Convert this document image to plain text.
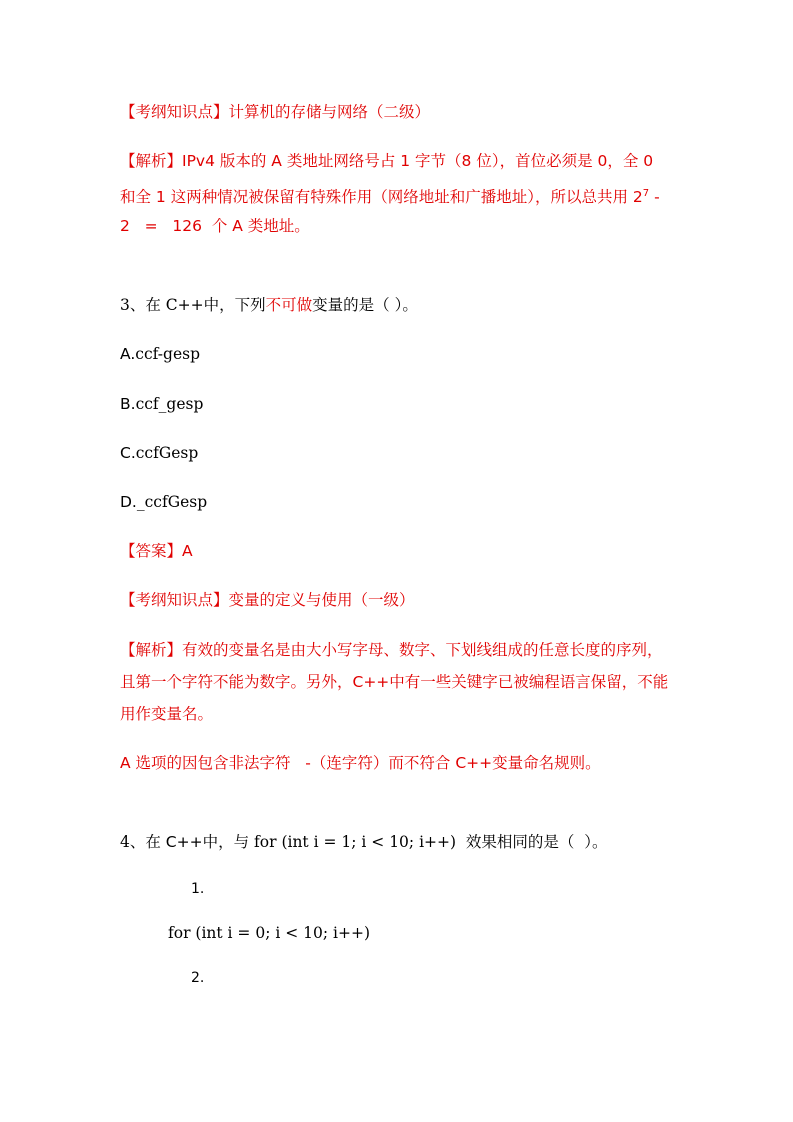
【考纲知识点】计算机的存储与网络（二级）
【解析】IPv4 版本的 A 类地址网络号占 1 字节（8 位），首位必须是 0，全 0
和全 1 这两种情况被保留有特殊作用（网络地址和广播地址），所以总共用 $2^7$ -
2   =   126  个 A 类地址。
3、在 C++中，下列不可做变量的是（ ）。
A.ccf-gesp
B.ccf_gesp
C.ccfGesp
D._ccfGesp
【答案】A
【考纲知识点】变量的定义与使用（一级）
【解析】有效的变量名是由大小写字母、数字、下划线组成的任意长度的序列，
且第一个字符不能为数字。另外，C++中有一些关键字已被编程语言保留，不能
用作变量名。
A 选项的因包含非法字符   -（连字符）而不符合 C++变量命名规则。
4、在 C++中，与 for (int i = 1; i < 10; i++)  效果相同的是（  ）。
1.
for (int i = 0; i < 10; i++)
2.
